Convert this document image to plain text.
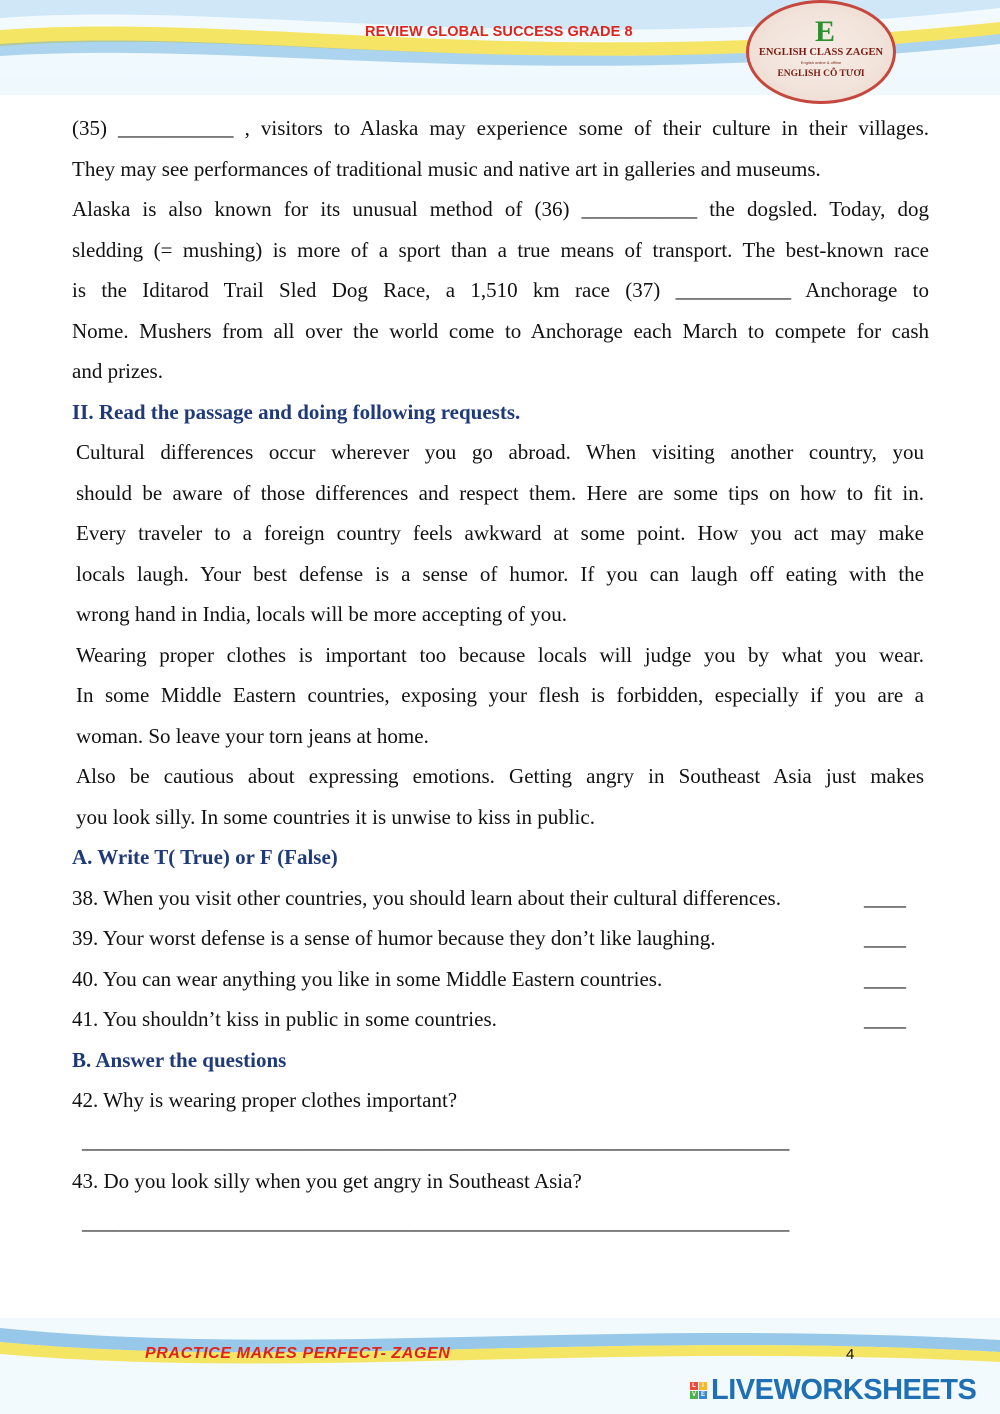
REVIEW GLOBAL SUCCESS GRADE 8	E
ENGLISH CLASS ZAGEN
English online & offline
ENGLISH CÔ TƯƠI
(35) ___________ , visitors to Alaska may experience some of their culture in their villages.
They may see performances of traditional music and native art in galleries and museums.
Alaska is also known for its unusual method of (36) ___________ the dogsled. Today, dog
sledding (= mushing) is more of a sport than a true means of transport. The best-known race
is the Iditarod Trail Sled Dog Race, a 1,510 km race (37) ___________ Anchorage to
Nome. Mushers from all over the world come to Anchorage each March to compete for cash
and prizes.
II. Read the passage and doing following requests.
Cultural differences occur wherever you go abroad. When visiting another country, you
should be aware of those differences and respect them. Here are some tips on how to fit in.
Every traveler to a foreign country feels awkward at some point. How you act may make
locals laugh. Your best defense is a sense of humor. If you can laugh off eating with the
wrong hand in India, locals will be more accepting of you.
Wearing proper clothes is important too because locals will judge you by what you wear.
In some Middle Eastern countries, exposing your flesh is forbidden, especially if you are a
woman. So leave your torn jeans at home.
Also be cautious about expressing emotions. Getting angry in Southeast Asia just makes
you look silly. In some countries it is unwise to kiss in public.
A. Write T( True) or F (False)
38. When you visit other countries, you should learn about their cultural differences.	____
39. Your worst defense is a sense of humor because they don’t like laughing.	____
40. You can wear anything you like in some Middle Eastern countries.	____
41. You shouldn’t kiss in public in some countries.	____
B. Answer the questions
42. Why is wearing proper clothes important?
______________________________________________________________________
43. Do you look silly when you get angry in Southeast Asia?
______________________________________________________________________
PRACTICE MAKES PERFECT- ZAGEN	4
L	I
V E LIVEWORKSHEETS
